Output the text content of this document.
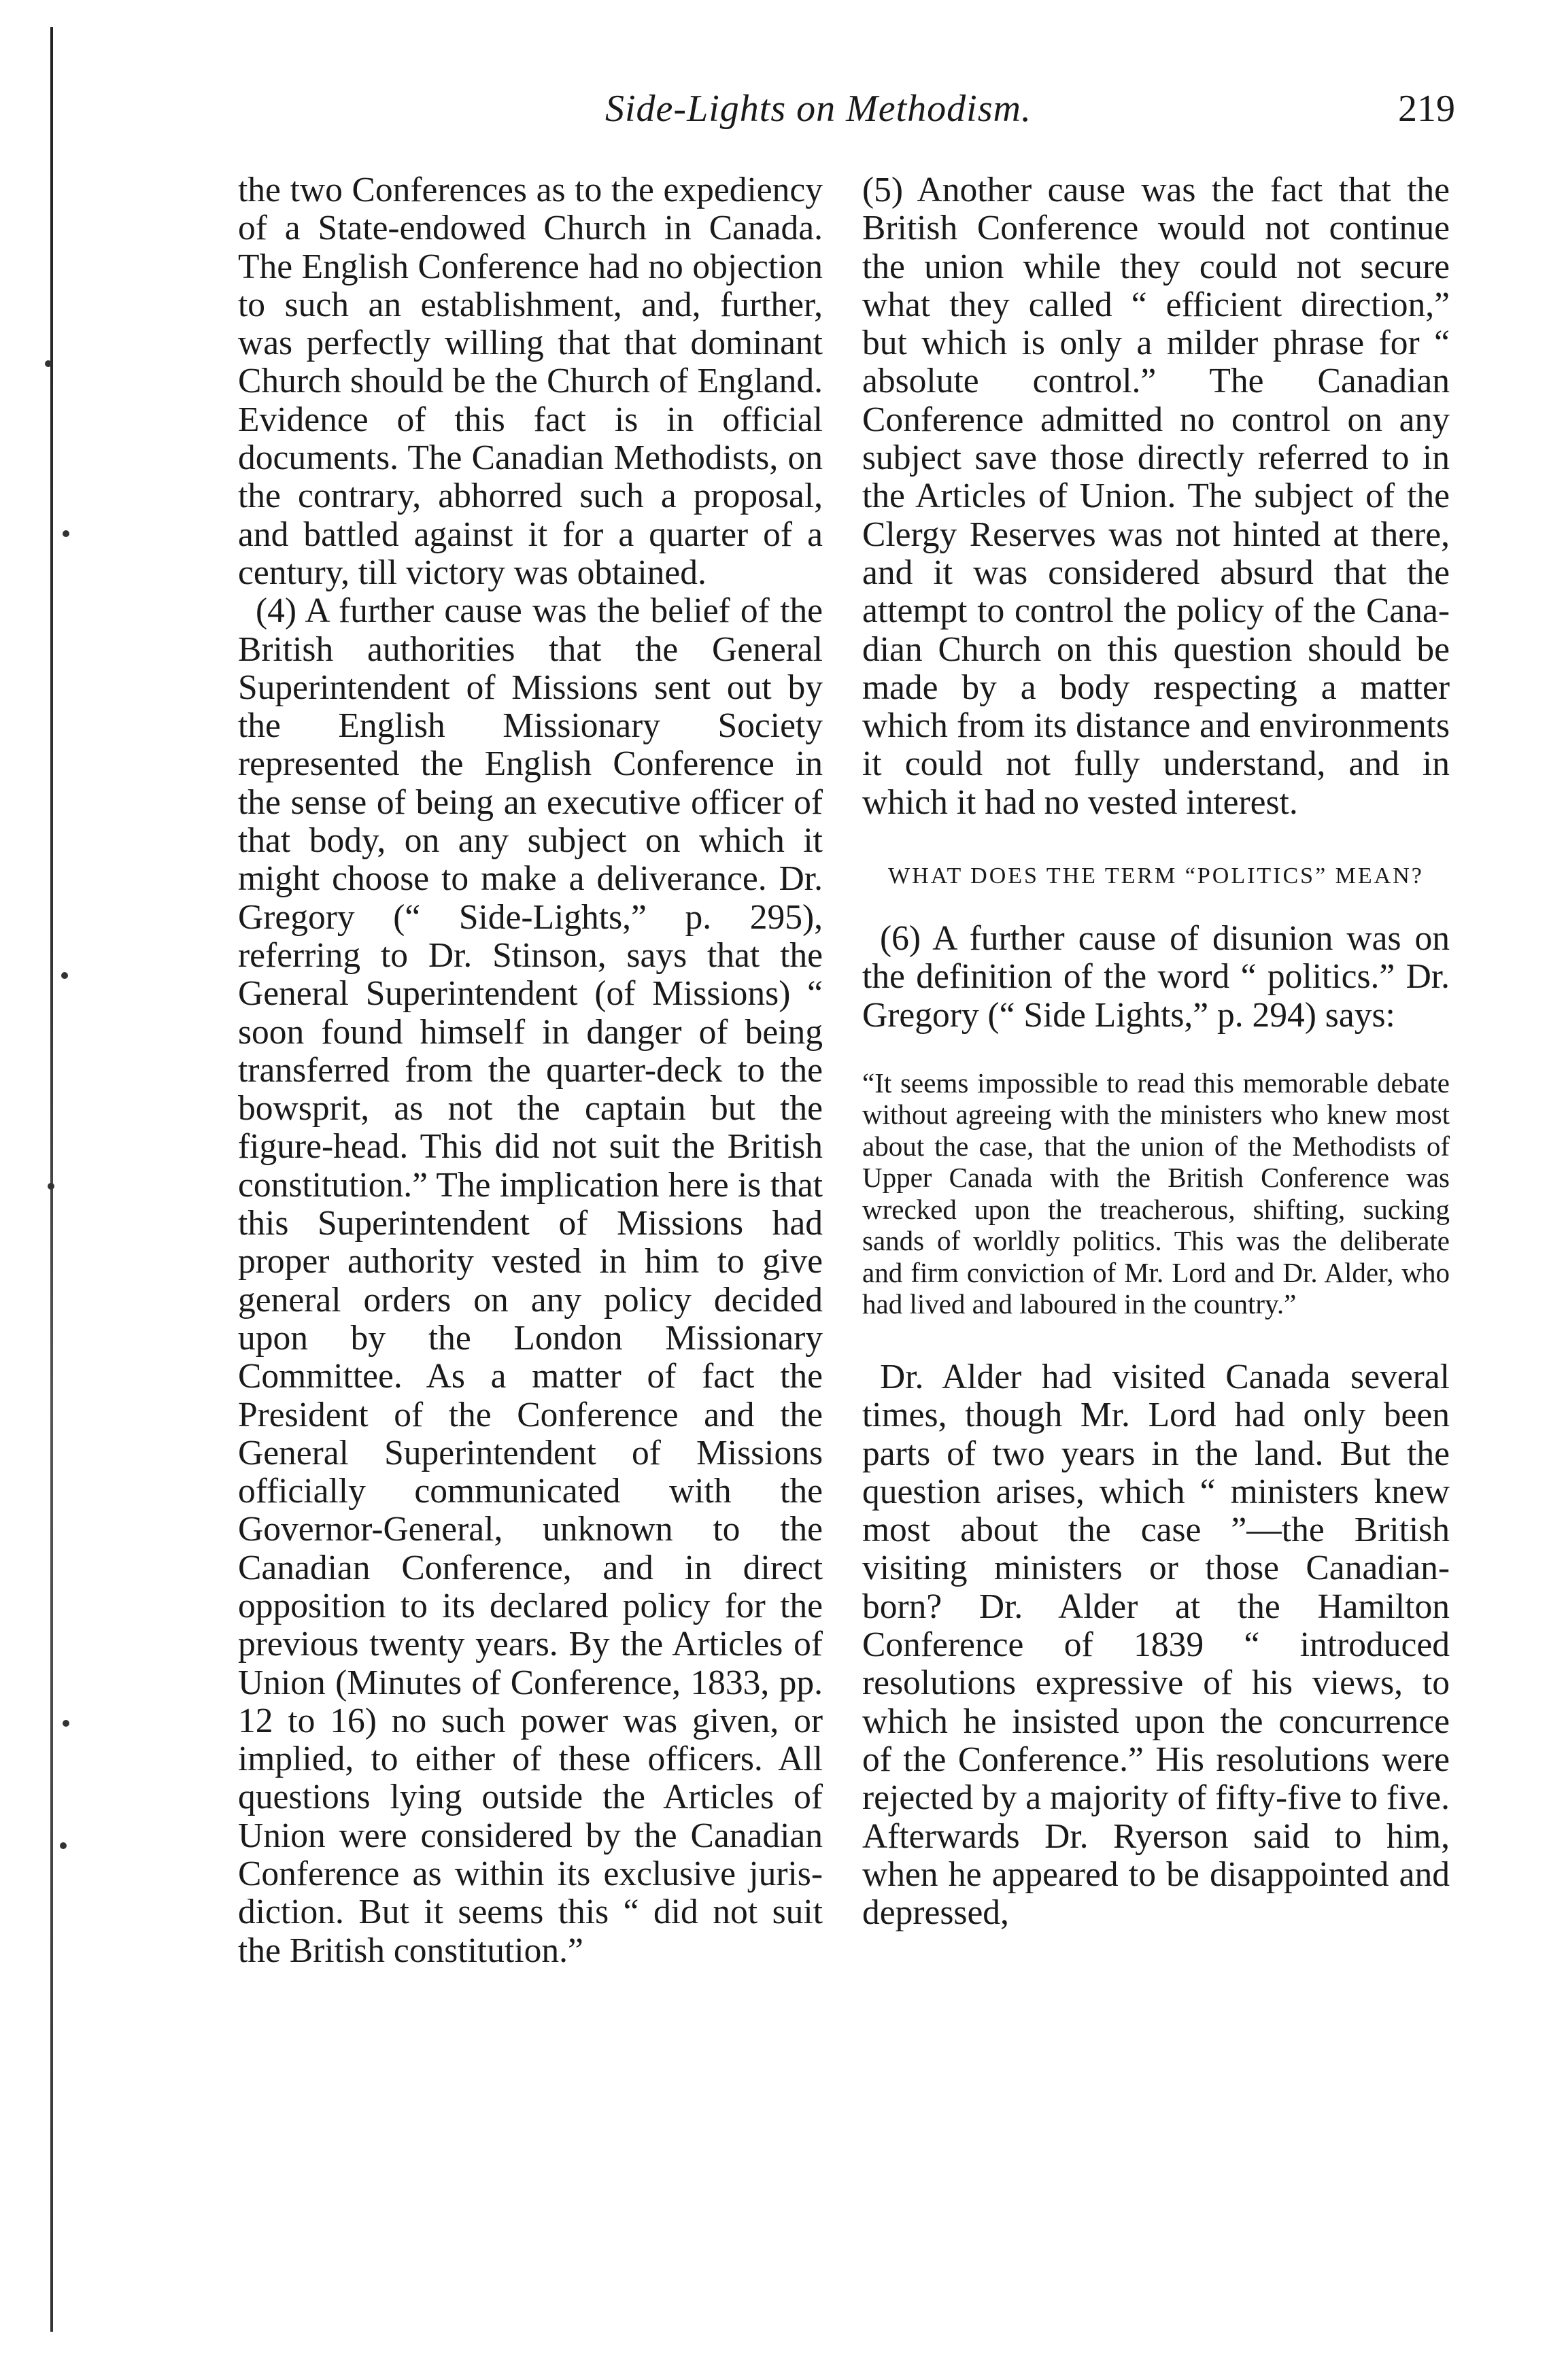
Side-Lights on Methodism.	219

the two Conferences as to the expediency of a State-endowed Church in Canada. The English Conference had no objection to such an establishment, and, further, was perfectly willing that that dominant Church should be the Church of England. Evidence of this fact is in official documents. The Canadian Methodists, on the contrary, abhorred such a proposal, and battled against it for a quarter of a century, till victory was obtained.

(4) A further cause was the belief of the British authorities that the General Superintendent of Missions sent out by the English Missionary Society represented the English Conference in the sense of being an executive officer of that body, on any subject on which it might choose to make a deliverance. Dr. Gregory (“ Side-Lights,” p. 295), referring to Dr. Stinson, says that the General Superintendent (of Missions) “ soon found himself in danger of being transferred from the quarter-deck to the bowsprit, as not the captain but the figure-head. This did not suit the British constitution.” The implication here is that this Superintendent of Missions had proper authority vested in him to give general orders on any policy decided upon by the London Missionary Committee. As a matter of fact the President of the Conference and the General Superintendent of Missions officially communicated with the Governor-General, unknown to the Canadian Conference, and in direct opposition to its declared policy for the previous twenty years. By the Articles of Union (Minutes of Conference, 1833, pp. 12 to 16) no such power was given, or implied, to either of these officers. All questions lying outside the Articles of Union were considered by the Canadian Conference as within its exclusive jurisdiction. But it seems this “ did not suit the British constitution.”

(5) Another cause was the fact that the British Conference would not continue the union while they could not secure what they called “ efficient direction,” but which is only a milder phrase for “ absolute control.” The Canadian Conference admitted no control on any subject save those directly referred to in the Articles of Union. The subject of the Clergy Reserves was not hinted at there, and it was considered absurd that the attempt to control the policy of the Canadian Church on this question should be made by a body respecting a matter which from its distance and environments it could not fully understand, and in which it had no vested interest.

WHAT DOES THE TERM “POLITICS” MEAN?

(6) A further cause of disunion was on the definition of the word “ politics.” Dr. Gregory (“ Side Lights,” p. 294) says:

“It seems impossible to read this memorable debate without agreeing with the ministers who knew most about the case, that the union of the Methodists of Upper Canada with the British Conference was wrecked upon the treacherous, shifting, sucking sands of worldly politics. This was the deliberate and firm conviction of Mr. Lord and Dr. Alder, who had lived and laboured in the country.”

Dr. Alder had visited Canada several times, though Mr. Lord had only been parts of two years in the land. But the question arises, which “ ministers knew most about the case ”—the British visiting ministers or those Canadian-born? Dr. Alder at the Hamilton Conference of 1839 “ introduced resolutions expressive of his views, to which he insisted upon the concurrence of the Conference.” His resolutions were rejected by a majority of fifty-five to five. Afterwards Dr. Ryerson said to him, when he appeared to be disappointed and depressed,
